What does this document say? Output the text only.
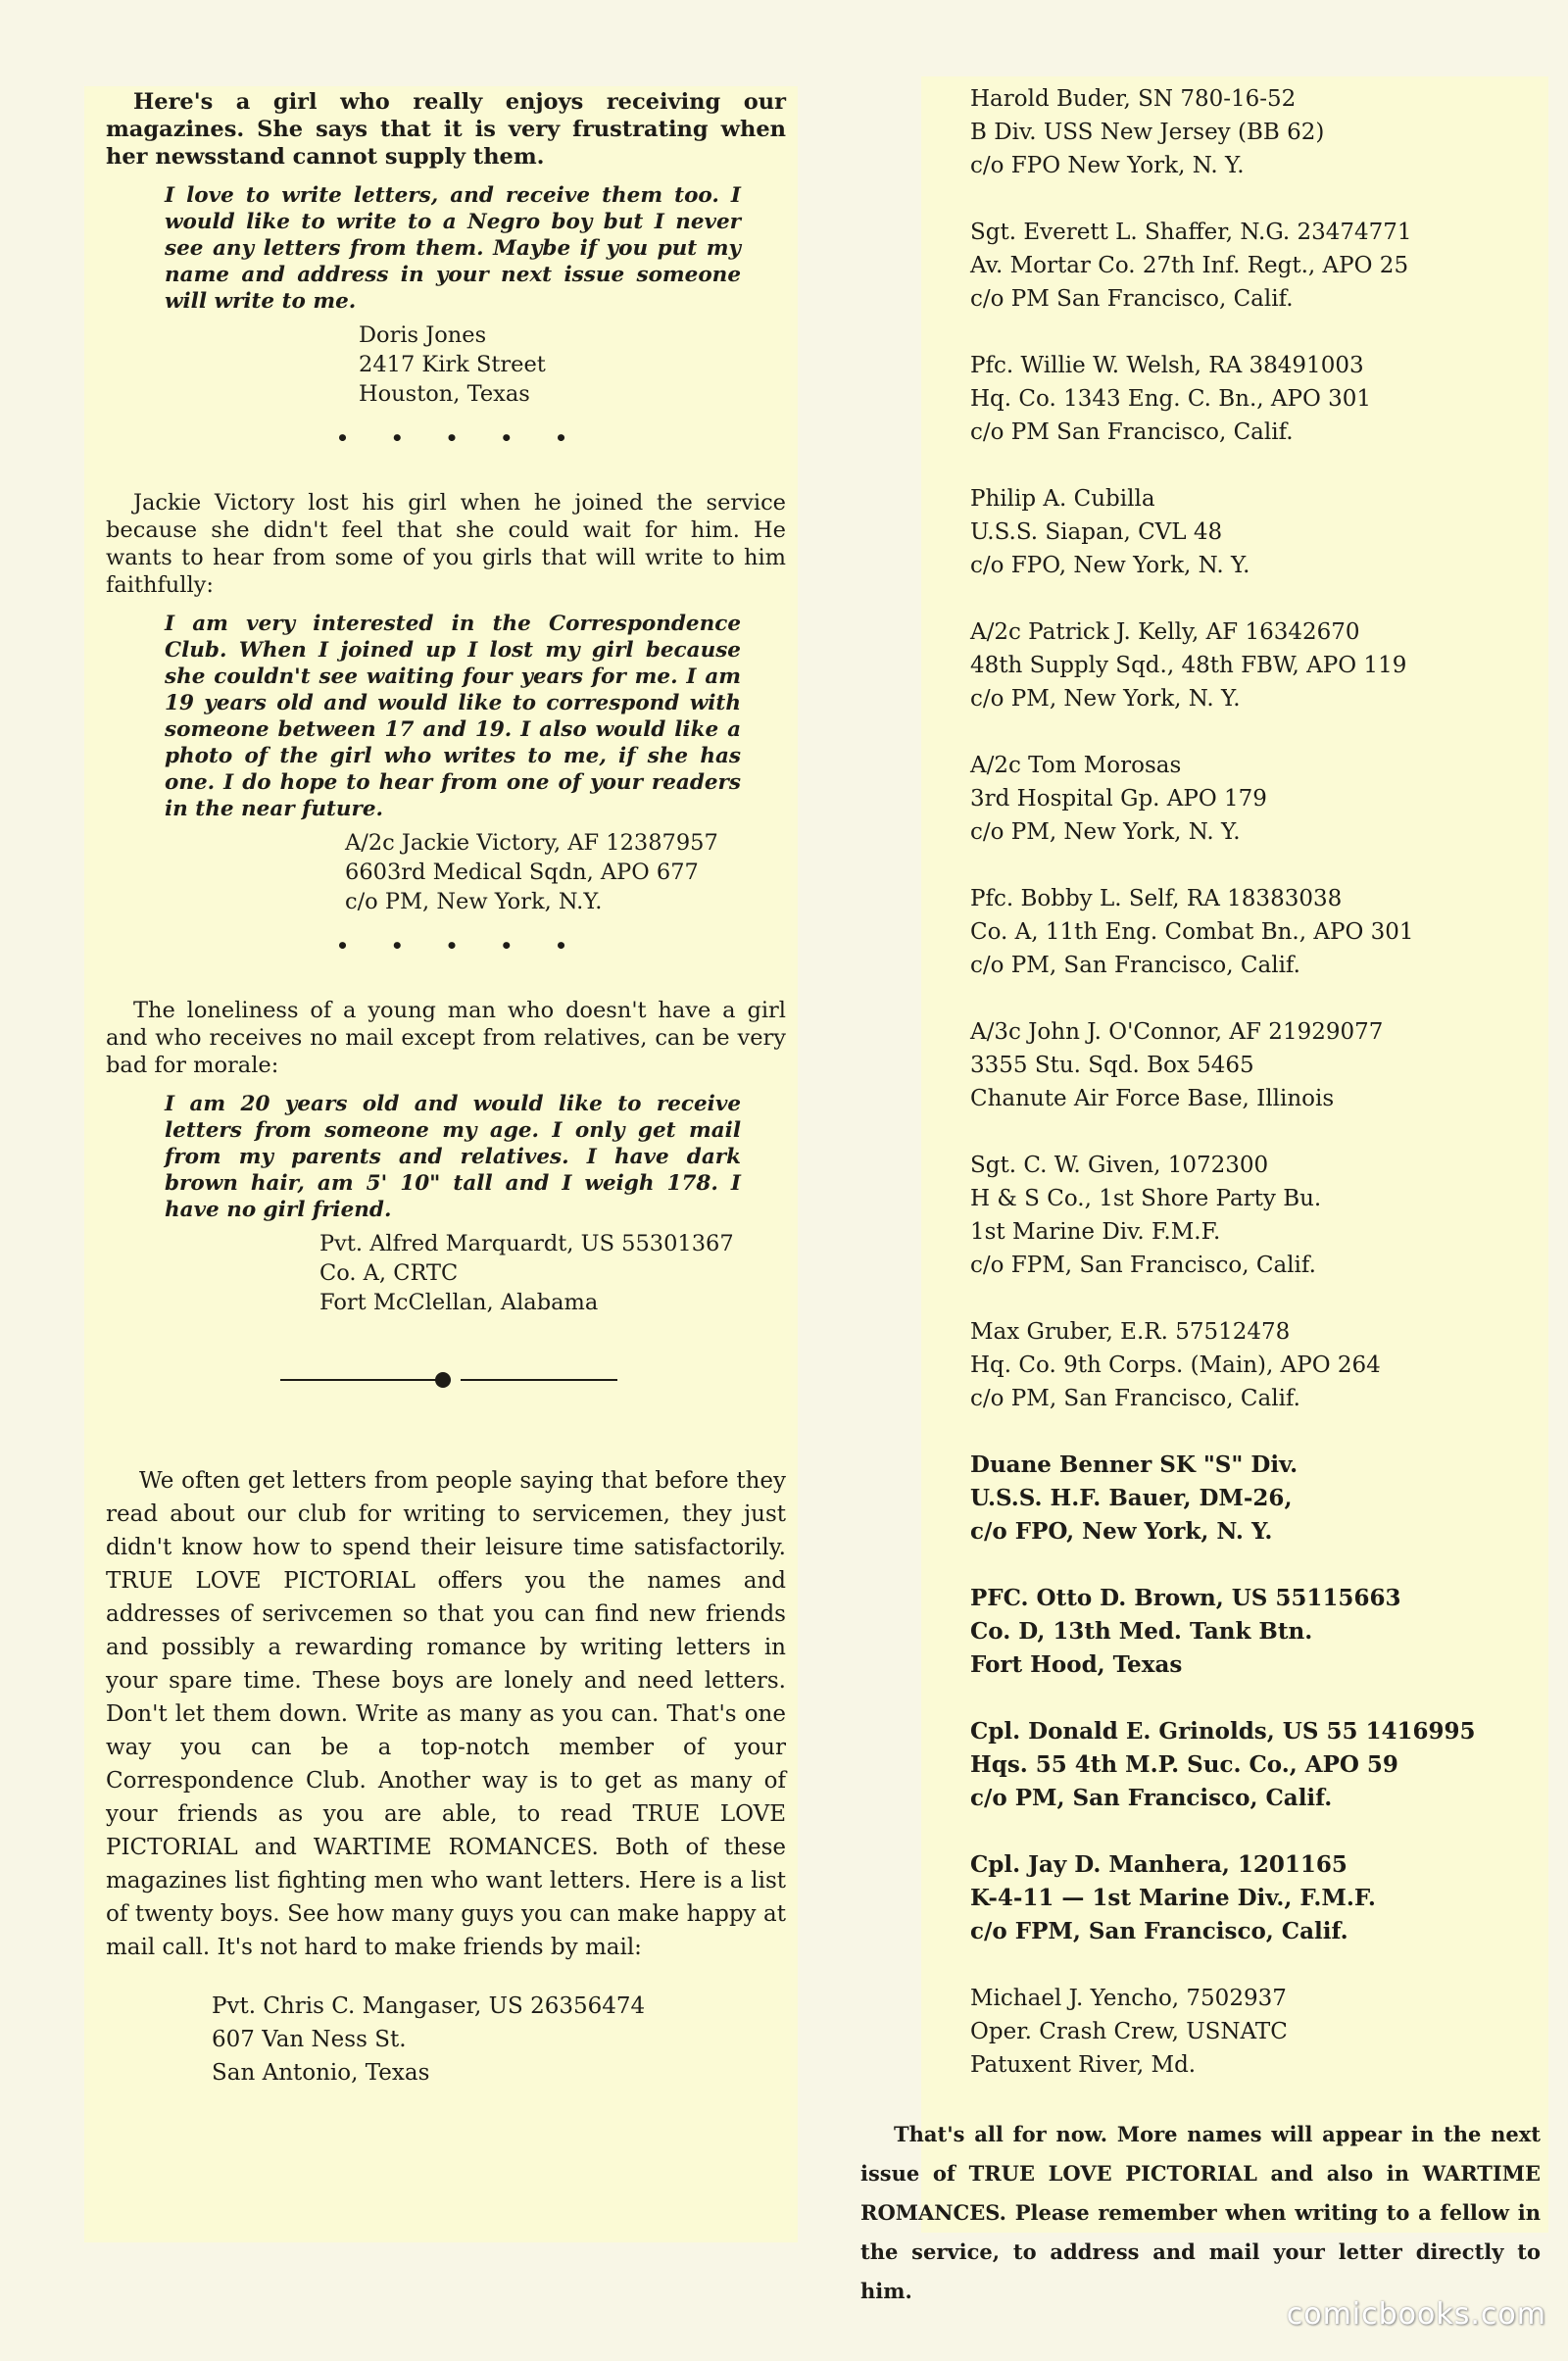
Here's a girl who really enjoys receiving our magazines. She says that it is very frustrating when her newsstand cannot supply them.

I love to write letters, and receive them too. I would like to write to a Negro boy but I never see any letters from them. Maybe if you put my name and address in your next issue someone will write to me.

Doris Jones
2417 Kirk Street
Houston, Texas
• • • • •

Jackie Victory lost his girl when he joined the service because she didn't feel that she could wait for him. He wants to hear from some of you girls that will write to him faithfully:

I am very interested in the Correspondence Club. When I joined up I lost my girl because she couldn't see waiting four years for me. I am 19 years old and would like to correspond with someone between 17 and 19. I also would like a photo of the girl who writes to me, if she has one. I do hope to hear from one of your readers in the near future.

A/2c Jackie Victory, AF 12387957
6603rd Medical Sqdn, APO 677
c/o PM, New York, N.Y.
• • • • •

The loneliness of a young man who doesn't have a girl and who receives no mail except from relatives, can be very bad for morale:

I am 20 years old and would like to receive letters from someone my age. I only get mail from my parents and relatives. I have dark brown hair, am 5' 10" tall and I weigh 178. I have no girl friend.

Pvt. Alfred Marquardt, US 55301367
Co. A, CRTC
Fort McClellan, Alabama

We often get letters from people saying that before they read about our club for writing to servicemen, they just didn't know how to spend their leisure time satisfactorily. TRUE LOVE PICTORIAL offers you the names and addresses of serivcemen so that you can find new friends and possibly a rewarding romance by writing letters in your spare time. These boys are lonely and need letters. Don't let them down. Write as many as you can. That's one way you can be a top-notch member of your Correspondence Club. Another way is to get as many of your friends as you are able, to read TRUE LOVE PICTORIAL and WARTIME ROMANCES. Both of these magazines list fighting men who want letters. Here is a list of twenty boys. See how many guys you can make happy at mail call. It's not hard to make friends by mail:

Pvt. Chris C. Mangaser, US 26356474
607 Van Ness St.
San Antonio, Texas
Harold Buder, SN 780-16-52
B Div. USS New Jersey (BB 62)
c/o FPO New York, N. Y.
Sgt. Everett L. Shaffer, N.G. 23474771
Av. Mortar Co. 27th Inf. Regt., APO 25
c/o PM San Francisco, Calif.
Pfc. Willie W. Welsh, RA 38491003
Hq. Co. 1343 Eng. C. Bn., APO 301
c/o PM San Francisco, Calif.
Philip A. Cubilla
U.S.S. Siapan, CVL 48
c/o FPO, New York, N. Y.
A/2c Patrick J. Kelly, AF 16342670
48th Supply Sqd., 48th FBW, APO 119
c/o PM, New York, N. Y.
A/2c Tom Morosas
3rd Hospital Gp. APO 179
c/o PM, New York, N. Y.
Pfc. Bobby L. Self, RA 18383038
Co. A, 11th Eng. Combat Bn., APO 301
c/o PM, San Francisco, Calif.
A/3c John J. O'Connor, AF 21929077
3355 Stu. Sqd. Box 5465
Chanute Air Force Base, Illinois
Sgt. C. W. Given, 1072300
H & S Co., 1st Shore Party Bu.
1st Marine Div. F.M.F.
c/o FPM, San Francisco, Calif.
Max Gruber, E.R. 57512478
Hq. Co. 9th Corps. (Main), APO 264
c/o PM, San Francisco, Calif.
Duane Benner SK "S" Div.
U.S.S. H.F. Bauer, DM-26,
c/o FPO, New York, N. Y.
PFC. Otto D. Brown, US 55115663
Co. D, 13th Med. Tank Btn.
Fort Hood, Texas
Cpl. Donald E. Grinolds, US 55 1416995
Hqs. 55 4th M.P. Suc. Co., APO 59
c/o PM, San Francisco, Calif.
Cpl. Jay D. Manhera, 1201165
K-4-11 — 1st Marine Div., F.M.F.
c/o FPM, San Francisco, Calif.
Michael J. Yencho, 7502937
Oper. Crash Crew, USNATC
Patuxent River, Md.

That's all for now. More names will appear in the next issue of TRUE LOVE PICTORIAL and also in WARTIME ROMANCES. Please remember when writing to a fellow in the service, to address and mail your letter directly to him.

comicbooks.com
